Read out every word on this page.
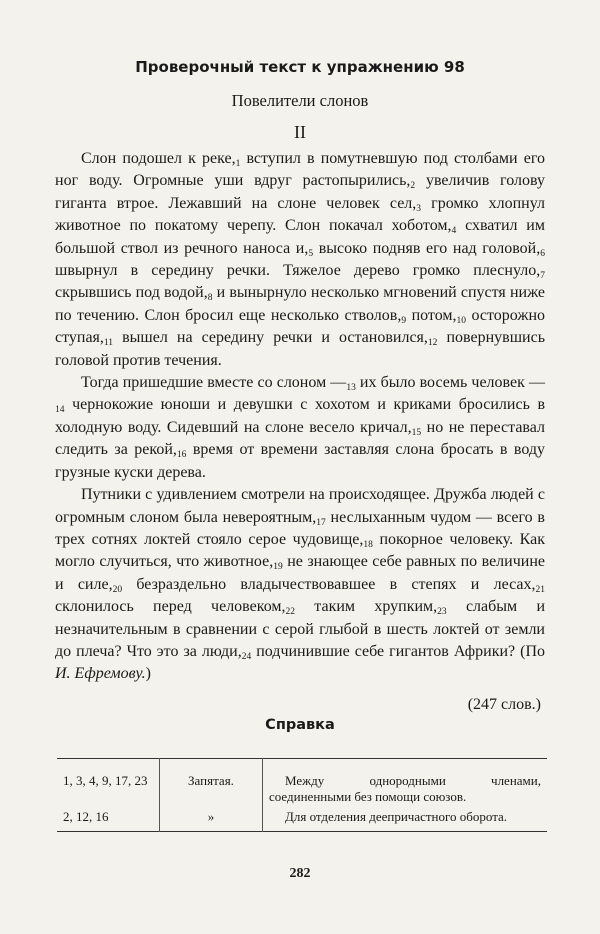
Проверочный текст к упражнению 98
Повелители слонов
II

Слон подошел к $реке,_1$ вступил в помутневшую под столбами его ног воду. Огромные уши вдруг $растопырились,_2$ увеличив голову гиганта втрое. Лежавший на слоне человек $сел,_3$ громко хлопнул животное по покатому черепу. Слон покачал $хоботом,_4$ схватил им большой ствол из речного наноса $и,_5$ высоко подняв его над $головой,_6$ швырнул в середину речки. Тяжелое дерево громко $плеснуло,_7$ скрывшись под $водой,_8$ и вынырнуло несколько мгновений спустя ниже по течению. Слон бросил еще несколько $стволов,_9$ $потом,_{10}$ осторожно $ступая,_{11}$ вышел на середину речки и $остановился,_{12}$ повернувшись головой против течения.

Тогда пришедшие вместе со слоном $—_{13}$ их было восемь человек $—_{14}$ чернокожие юноши и девушки с хохотом и криками бросились в холодную воду. Сидевший на слоне весело $кричал,_{15}$ но не переставал следить за $рекой,_{16}$ время от времени заставляя слона бросать в воду грузные куски дерева.

Путники с удивлением смотрели на происходящее. Дружба людей с огромным слоном была $невероятным,_{17}$ неслыханным чудом — всего в трех сотнях локтей стояло серое $чудовище,_{18}$ покорное человеку. Как могло случиться, что $животное,_{19}$ не знающее себе равных по величине и $силе,_{20}$ безраздельно владычествовавшее в степях и $лесах,_{21}$ склонилось перед $человеком,_{22}$ таким $хрупким,_{23}$ слабым и незначительным в сравнении с серой глыбой в шесть локтей от земли до плеча? Что это за $люди,_{24}$ подчинившие себе гигантов Африки? (По И. Ефремову.)

(247 слов.)
Справка
1, 3, 4, 9, 17, 23	Запятая.	Между однородными членами, соединенными без помощи союзов.
2, 12, 16	»	Для отделения деепричастного оборота.
282
